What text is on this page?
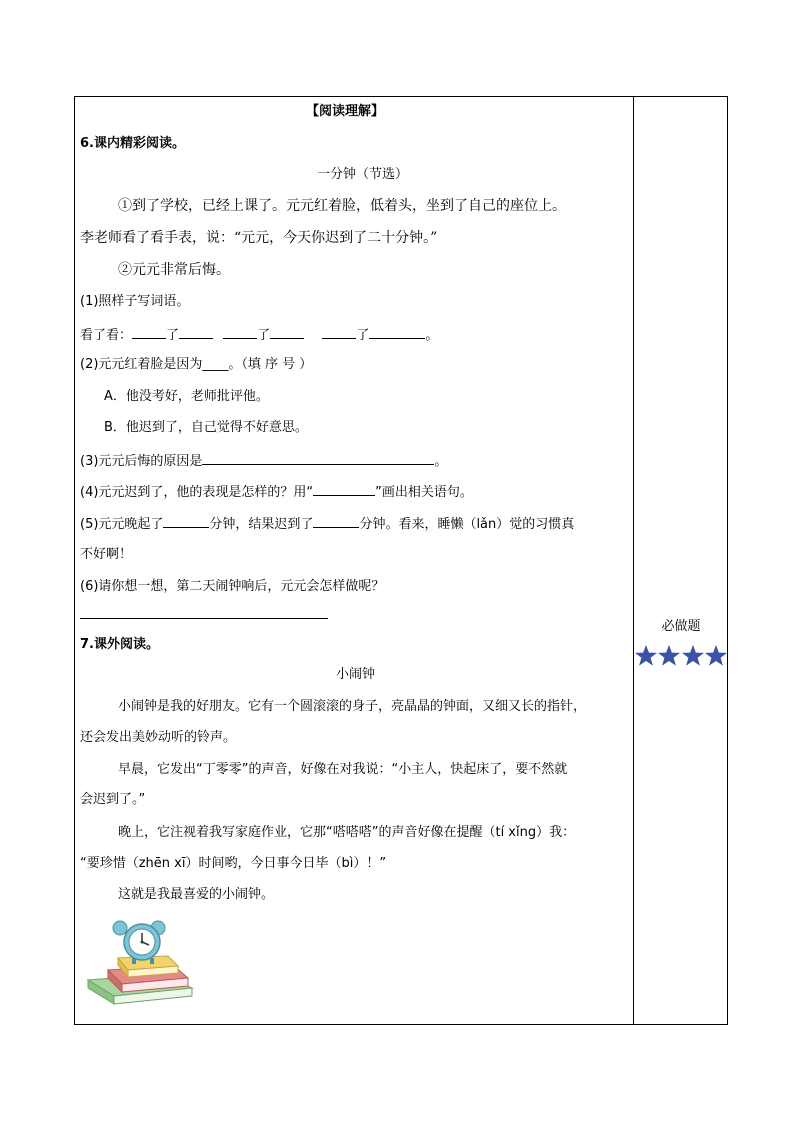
【阅读理解】
6.课内精彩阅读。
一分钟（节选）
①到了学校，已经上课了。元元红着脸，低着头，坐到了自己的座位上。
李老师看了看手表，说：“元元，今天你迟到了二十分钟。”
②元元非常后悔。
(1)照样子写词语。
看了看：	了	了	了	。
(2)元元红着脸是因为____。（填 序 号 ）
A．他没考好，老师批评他。
B．他迟到了，自己觉得不好意思。
(3)元元后悔的原因是	。
(4)元元迟到了，他的表现是怎样的？用“	”画出相关语句。
(5)元元晚起了	分钟，结果迟到了	分钟。看来，睡懒（lǎn）觉的习惯真
不好啊！
(6)请你想一想，第二天闹钟响后，元元会怎样做呢？
7.课外阅读。
小闹钟
小闹钟是我的好朋友。它有一个圆滚滚的身子，亮晶晶的钟面，又细又长的指针，
还会发出美妙动听的铃声。
早晨，它发出“丁零零”的声音，好像在对我说：“小主人，快起床了，要不然就
会迟到了。”
晚上，它注视着我写家庭作业，它那“嗒嗒嗒”的声音好像在提醒（tí xǐng）我：
“要珍惜（zhēn xī）时间哟，今日事今日毕（bì）！”
这就是我最喜爱的小闹钟。
必做题
